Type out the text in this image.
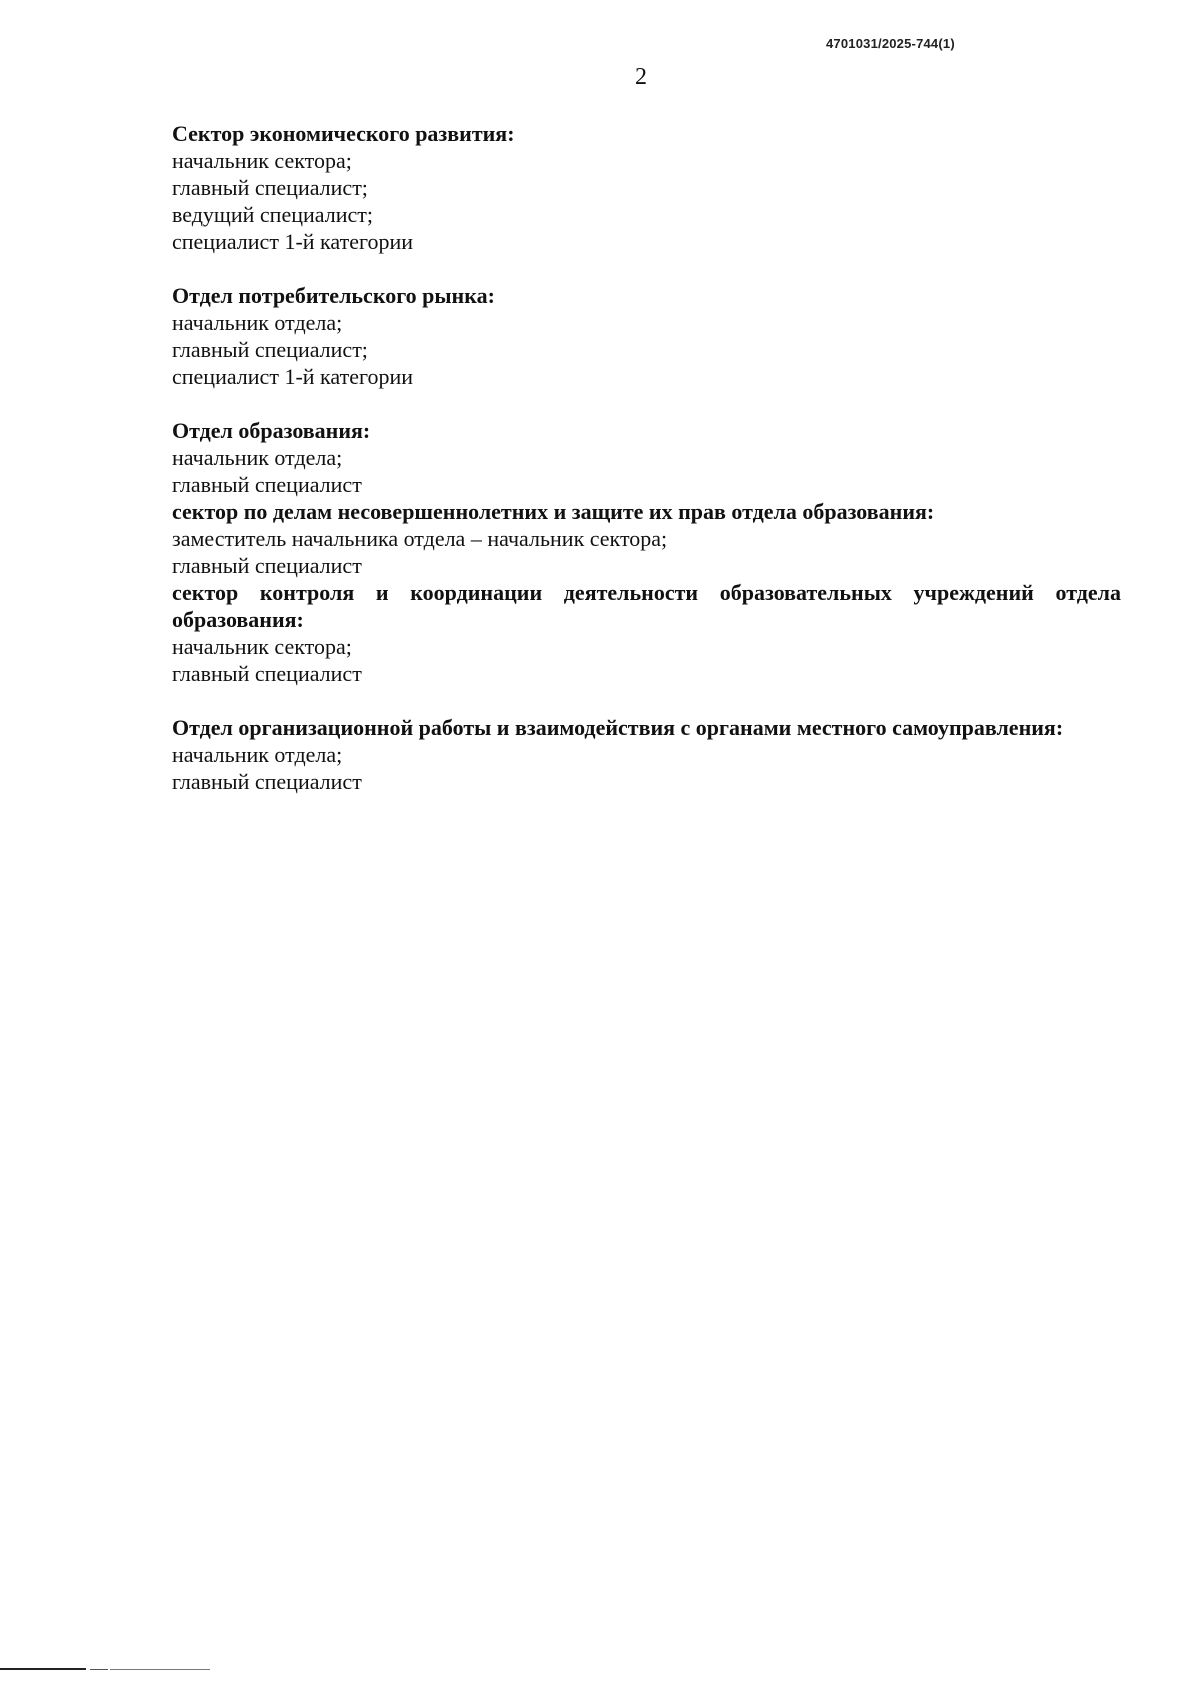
4701031/2025-744(1)
2

Сектор экономического развития:

начальник сектора;

главный специалист;

ведущий специалист;

специалист 1-й категории

Отдел потребительского рынка:

начальник отдела;

главный специалист;

специалист 1-й категории

Отдел образования:

начальник отдела;

главный специалист

сектор по делам несовершеннолетних и защите их прав отдела образования:

заместитель начальника отдела – начальник сектора;

главный специалист

сектор контроля и координации деятельности образовательных учреждений отдела образования:

начальник сектора;

главный специалист

Отдел организационной работы и взаимодействия с органами местного самоуправления:

начальник отдела;

главный специалист
